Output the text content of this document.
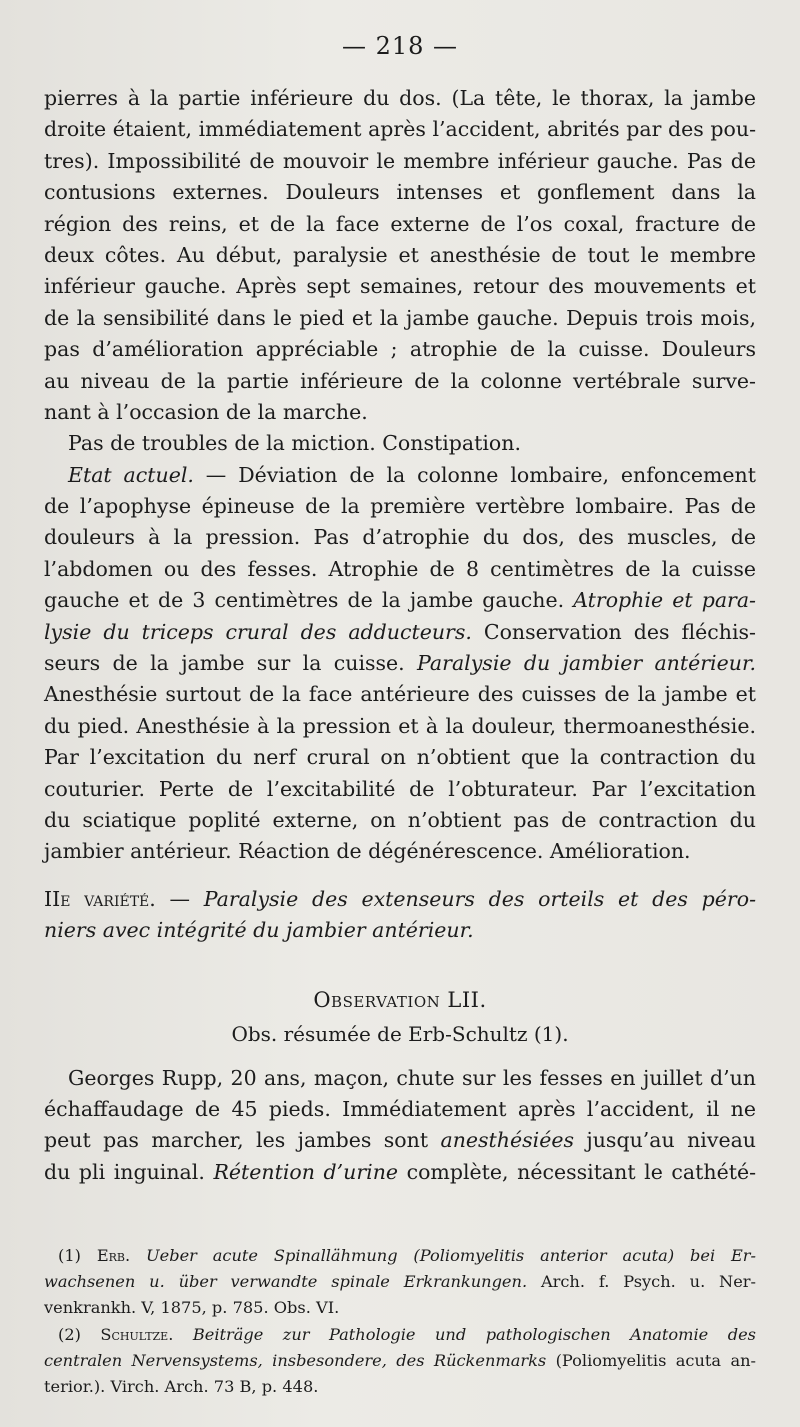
— 218 —
pierres à la partie inférieure du dos. (La tête, le thorax, la jambe
droite étaient, immédiatement après l’accident, abrités par des pou-
tres). Impossibilité de mouvoir le membre inférieur gauche. Pas de
contusions externes. Douleurs intenses et gonflement dans la
région des reins, et de la face externe de l’os coxal, fracture de
deux côtes. Au début, paralysie et anesthésie de tout le membre
inférieur gauche. Après sept semaines, retour des mouvements et
de la sensibilité dans le pied et la jambe gauche. Depuis trois mois,
pas d’amélioration appréciable ; atrophie de la cuisse. Douleurs
au niveau de la partie inférieure de la colonne vertébrale surve-
nant à l’occasion de la marche.
Pas de troubles de la miction. Constipation.
Etat actuel. — Déviation de la colonne lombaire, enfoncement
de l’apophyse épineuse de la première vertèbre lombaire. Pas de
douleurs à la pression. Pas d’atrophie du dos, des muscles, de
l’abdomen ou des fesses. Atrophie de 8 centimètres de la cuisse
gauche et de 3 centimètres de la jambe gauche. Atrophie et para-
lysie du triceps crural des adducteurs. Conservation des fléchis-
seurs de la jambe sur la cuisse. Paralysie du jambier antérieur.
Anesthésie surtout de la face antérieure des cuisses de la jambe et
du pied. Anesthésie à la pression et à la douleur, thermoanesthésie.
Par l’excitation du nerf crural on n’obtient que la contraction du
couturier. Perte de l’excitabilité de l’obturateur. Par l’excitation
du sciatique poplité externe, on n’obtient pas de contraction du
jambier antérieur. Réaction de dégénérescence. Amélioration.
IIe variété. — Paralysie des extenseurs des orteils et des péro-
niers avec intégrité du jambier antérieur.
Observation LII.
Obs. résumée de Erb-Schultz (1).
Georges Rupp, 20 ans, maçon, chute sur les fesses en juillet d’un
échaffaudage de 45 pieds. Immédiatement après l’accident, il ne
peut pas marcher, les jambes sont anesthésiées jusqu’au niveau
du pli inguinal. Rétention d’urine complète, nécessitant le cathété-
(1) Erb. Ueber acute Spinallähmung (Poliomyelitis anterior acuta) bei Er-
wachsenen u. über verwandte spinale Erkrankungen. Arch. f. Psych. u. Ner-
venkrankh. V, 1875, p. 785. Obs. VI.
(2) Schultze. Beiträge zur Pathologie und pathologischen Anatomie des
centralen Nervensystems, insbesondere, des Rückenmarks (Poliomyelitis acuta an-
terior.). Virch. Arch. 73 B, p. 448.
